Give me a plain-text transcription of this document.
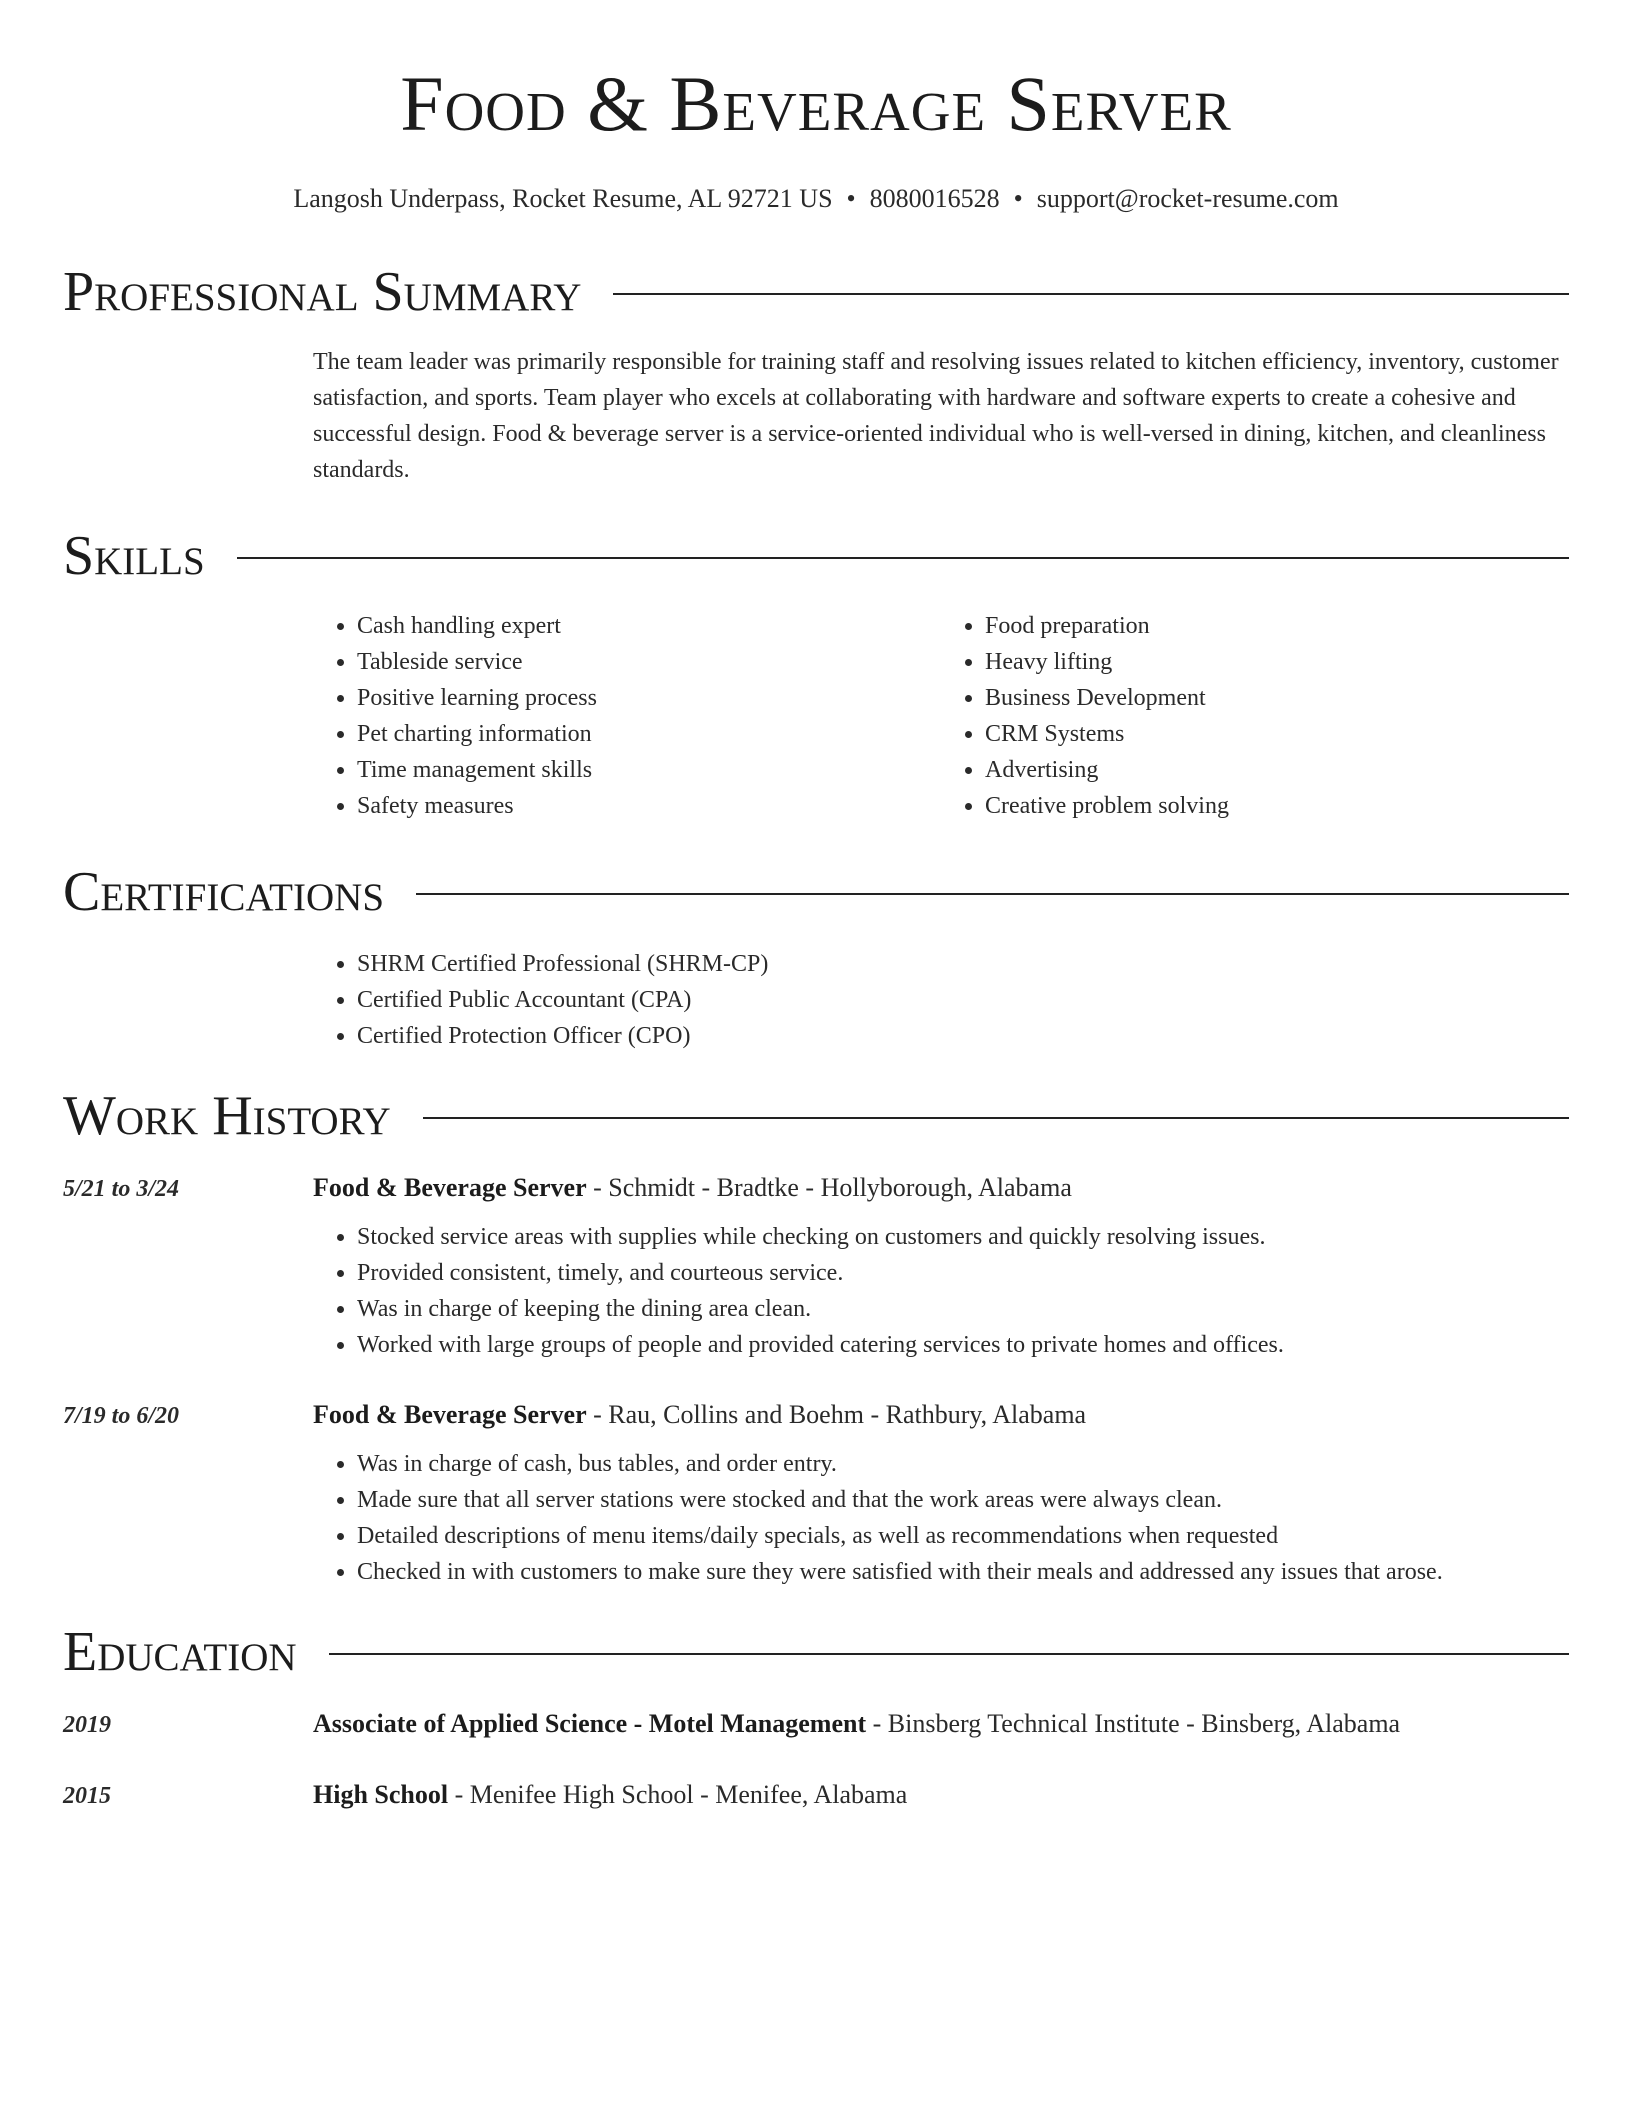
Food & Beverage Server
Langosh Underpass, Rocket Resume, AL 92721 US • 8080016528 • support@rocket-resume.com
Professional Summary
The team leader was primarily responsible for training staff and resolving issues related to kitchen efficiency, inventory, customer satisfaction, and sports. Team player who excels at collaborating with hardware and software experts to create a cohesive and successful design. Food & beverage server is a service-oriented individual who is well-versed in dining, kitchen, and cleanliness standards.
Skills
• Cash handling expert
• Tableside service
• Positive learning process
• Pet charting information
• Time management skills
• Safety measures
• Food preparation
• Heavy lifting
• Business Development
• CRM Systems
• Advertising
• Creative problem solving
Certifications
• SHRM Certified Professional (SHRM-CP)
• Certified Public Accountant (CPA)
• Certified Protection Officer (CPO)
Work History
5/21 to 3/24	Food & Beverage Server - Schmidt - Bradtke - Hollyborough, Alabama
• Stocked service areas with supplies while checking on customers and quickly resolving issues.
• Provided consistent, timely, and courteous service.
• Was in charge of keeping the dining area clean.
• Worked with large groups of people and provided catering services to private homes and offices.
7/19 to 6/20	Food & Beverage Server - Rau, Collins and Boehm - Rathbury, Alabama
• Was in charge of cash, bus tables, and order entry.
• Made sure that all server stations were stocked and that the work areas were always clean.
• Detailed descriptions of menu items/daily specials, as well as recommendations when requested
• Checked in with customers to make sure they were satisfied with their meals and addressed any issues that arose.
Education
2019	Associate of Applied Science - Motel Management - Binsberg Technical Institute - Binsberg, Alabama
2015	High School - Menifee High School - Menifee, Alabama
